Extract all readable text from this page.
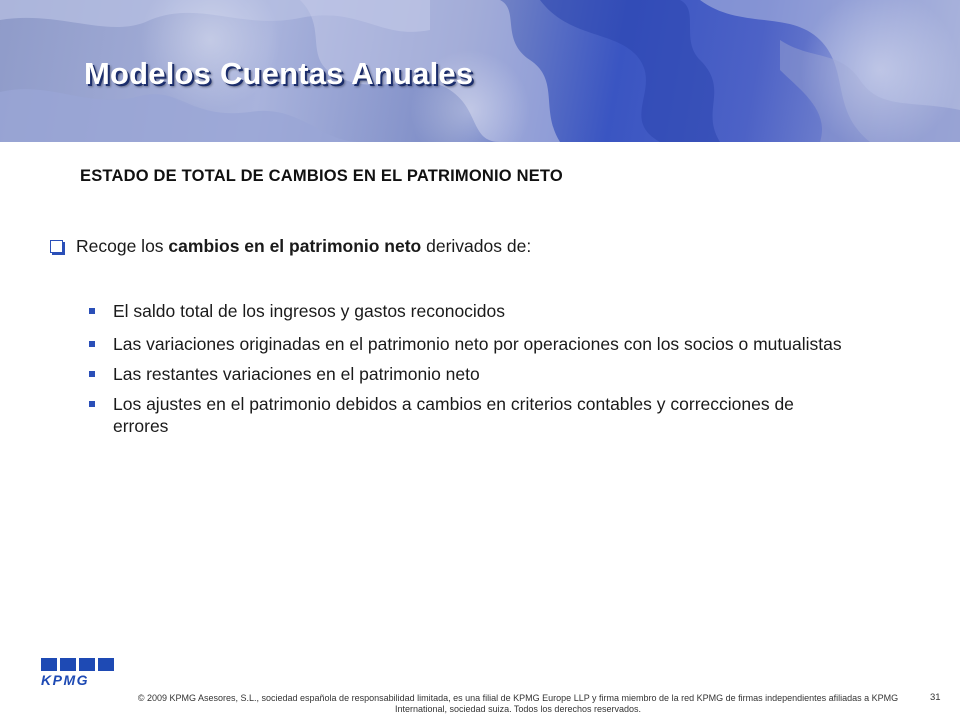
Modelos Cuentas Anuales
ESTADO DE TOTAL DE CAMBIOS EN EL PATRIMONIO NETO
Recoge los cambios en el patrimonio neto derivados de:
El saldo total de los ingresos y gastos reconocidos
Las variaciones originadas en el patrimonio neto por operaciones con los socios o mutualistas
Las restantes variaciones en el patrimonio neto
Los ajustes en el patrimonio debidos a cambios en criterios contables y correcciones de errores
KPMG

© 2009 KPMG Asesores, S.L., sociedad española de responsabilidad limitada, es una filial de KPMG Europe LLP y firma miembro de la red KPMG de firmas independientes afiliadas a KPMG International, sociedad suiza. Todos los derechos reservados.

31
